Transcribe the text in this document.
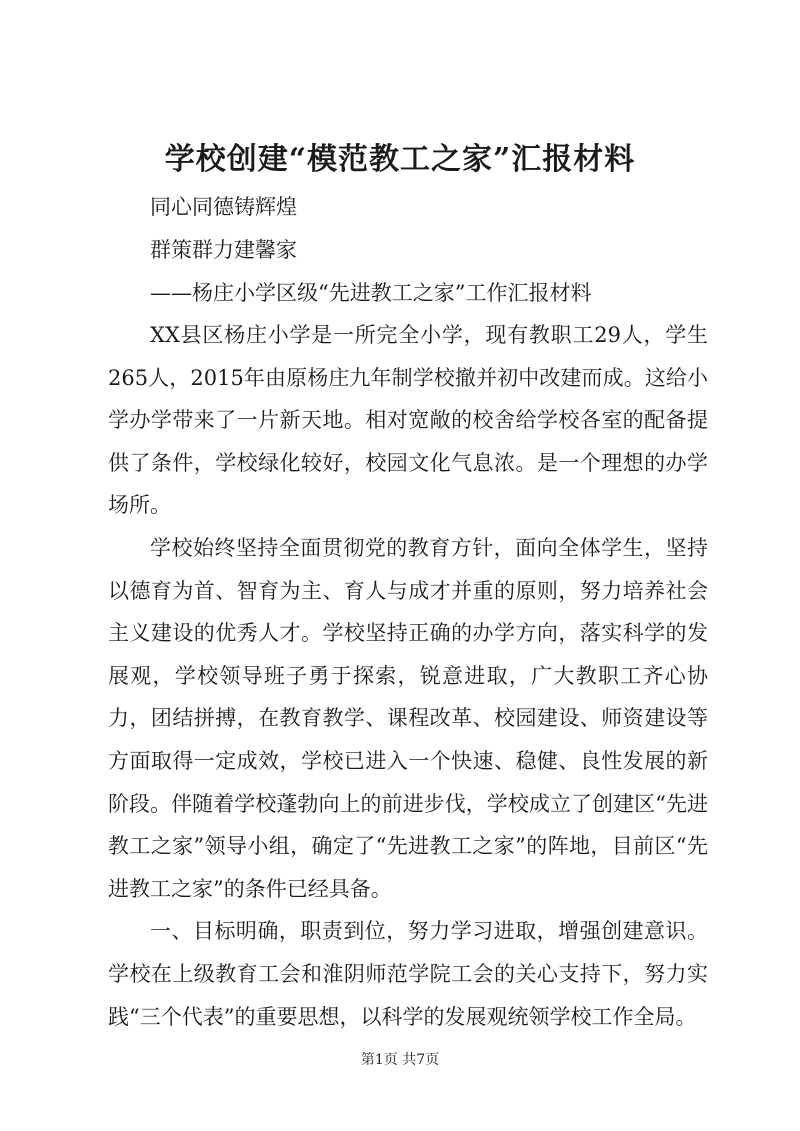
学校创建“模范教工之家”汇报材料
同心同德铸辉煌
群策群力建馨家
——杨庄小学区级“先进教工之家”工作汇报材料

XX县区杨庄小学是一所完全小学，现有教职工29人，学生265人，2015年由原杨庄九年制学校撤并初中改建而成。这给小学办学带来了一片新天地。相对宽敞的校舍给学校各室的配备提供了条件，学校绿化较好，校园文化气息浓。是一个理想的办学场所。

学校始终坚持全面贯彻党的教育方针，面向全体学生，坚持以德育为首、智育为主、育人与成才并重的原则，努力培养社会主义建设的优秀人才。学校坚持正确的办学方向，落实科学的发展观，学校领导班子勇于探索，锐意进取，广大教职工齐心协力，团结拼搏，在教育教学、课程改革、校园建设、师资建设等方面取得一定成效，学校已进入一个快速、稳健、良性发展的新阶段。伴随着学校蓬勃向上的前进步伐，学校成立了创建区“先进教工之家”领导小组，确定了“先进教工之家”的阵地，目前区“先进教工之家”的条件已经具备。

一、目标明确，职责到位，努力学习进取，增强创建意识。学校在上级教育工会和淮阴师范学院工会的关心支持下，努力实践“三个代表”的重要思想，以科学的发展观统领学校工作全局。

第1页 共7页
